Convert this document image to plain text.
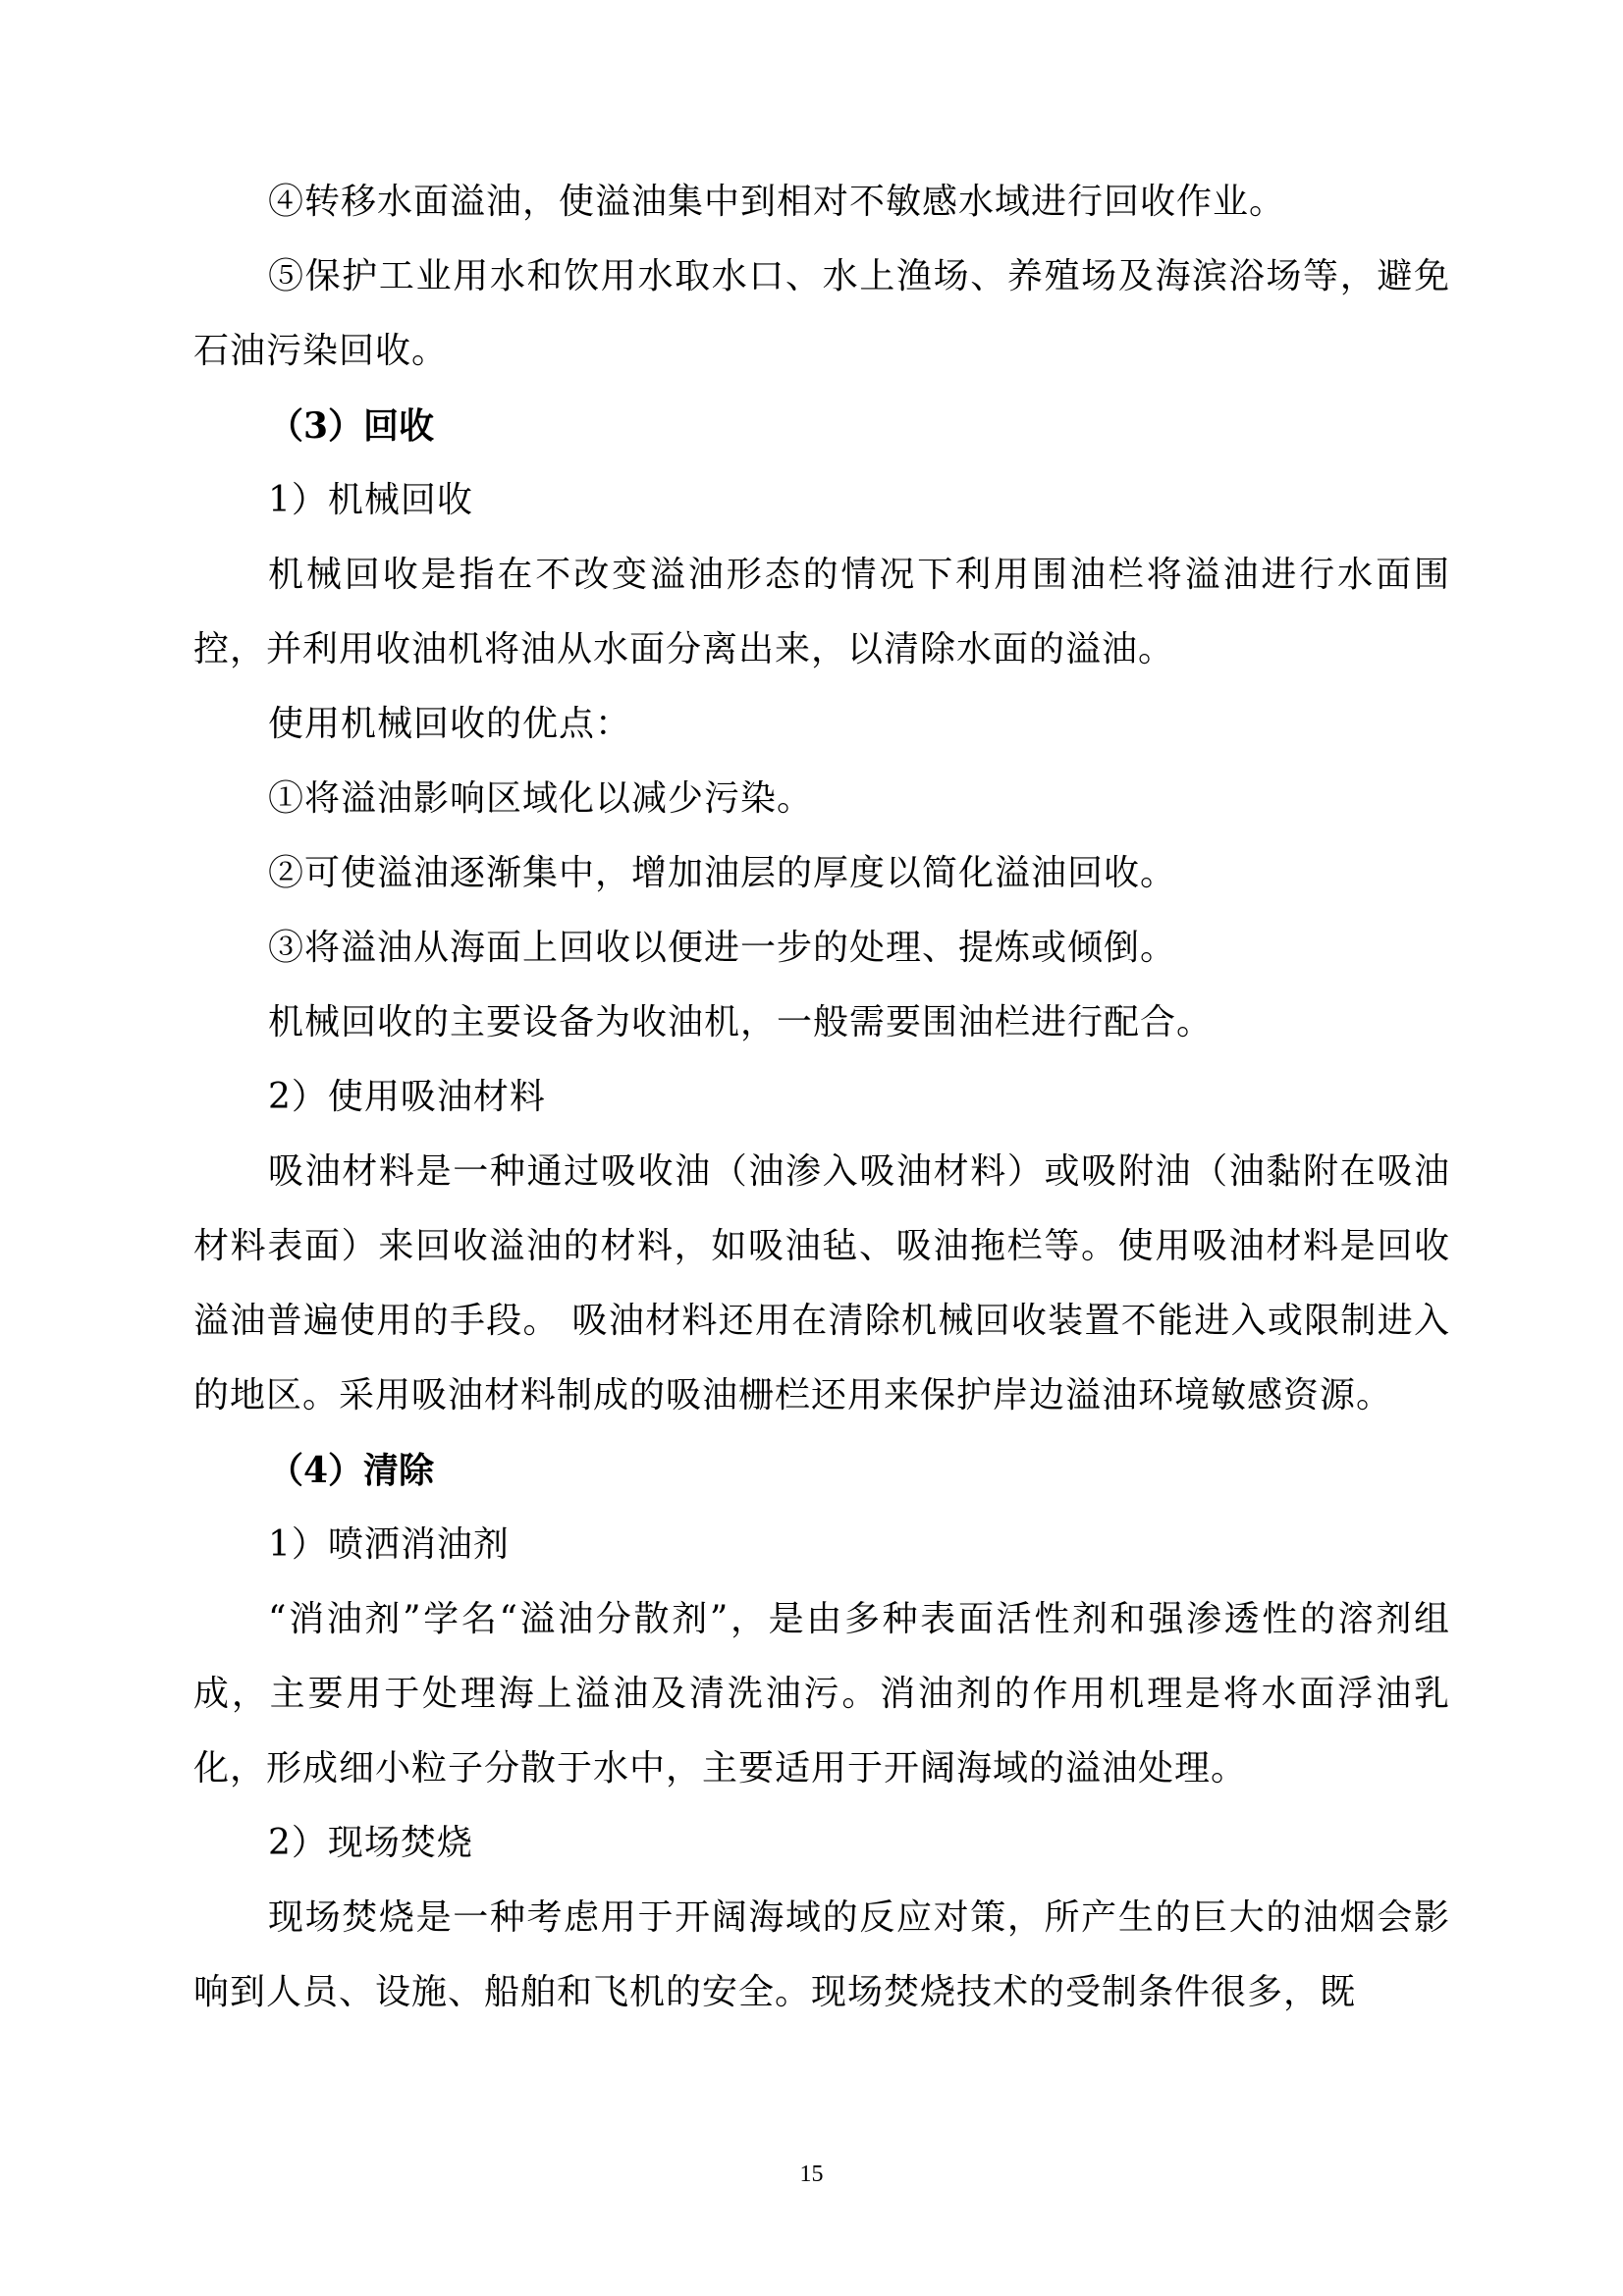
④转移水面溢油，使溢油集中到相对不敏感水域进行回收作业。

⑤保护工业用水和饮用水取水口、水上渔场、养殖场及海滨浴场等，避免石油污染回收。

（3）回收

1）机械回收

机械回收是指在不改变溢油形态的情况下利用围油栏将溢油进行水面围控，并利用收油机将油从水面分离出来，以清除水面的溢油。

使用机械回收的优点：

①将溢油影响区域化以减少污染。

②可使溢油逐渐集中，增加油层的厚度以简化溢油回收。

③将溢油从海面上回收以便进一步的处理、提炼或倾倒。

机械回收的主要设备为收油机，一般需要围油栏进行配合。

2）使用吸油材料

吸油材料是一种通过吸收油（油渗入吸油材料）或吸附油（油黏附在吸油材料表面）来回收溢油的材料，如吸油毡、吸油拖栏等。使用吸油材料是回收溢油普遍使用的手段。 吸油材料还用在清除机械回收装置不能进入或限制进入的地区。采用吸油材料制成的吸油栅栏还用来保护岸边溢油环境敏感资源。

（4）清除

1）喷洒消油剂

“消油剂”学名“溢油分散剂”，是由多种表面活性剂和强渗透性的溶剂组成，主要用于处理海上溢油及清洗油污。消油剂的作用机理是将水面浮油乳化，形成细小粒子分散于水中，主要适用于开阔海域的溢油处理。

2）现场焚烧

现场焚烧是一种考虑用于开阔海域的反应对策，所产生的巨大的油烟会影响到人员、设施、船舶和飞机的安全。现场焚烧技术的受制条件很多，既

15
